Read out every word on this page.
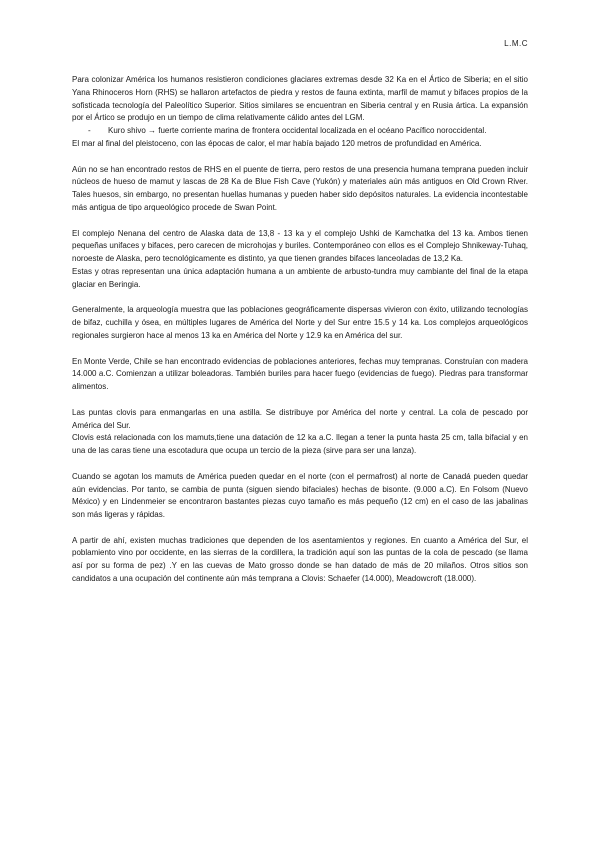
L.M.C

Para colonizar América los humanos resistieron condiciones glaciares extremas desde 32 Ka en el Ártico de Siberia; en el sitio Yana Rhinoceros Horn (RHS) se hallaron artefactos de piedra y restos de fauna extinta, marfil de mamut y bifaces propios de la sofisticada tecnología del Paleolítico Superior. Sitios similares se encuentran en Siberia central y en Rusia ártica. La expansión por el Ártico se produjo en un tiempo de clima relativamente cálido antes del LGM.

-	Kuro shivo → fuerte corriente marina de frontera occidental localizada en el océano Pacífico noroccidental.

El mar al final del pleistoceno, con las épocas de calor, el mar había bajado 120 metros de profundidad en América.

Aún no se han encontrado restos de RHS en el puente de tierra, pero restos de una presencia humana temprana pueden incluir núcleos de hueso de mamut y lascas de 28 Ka de Blue Fish Cave (Yukón) y materiales aún más antiguos en Old Crown River. Tales huesos, sin embargo, no presentan huellas humanas y pueden haber sido depósitos naturales. La evidencia incontestable más antigua de tipo arqueológico procede de Swan Point.

El complejo Nenana del centro de Alaska data de 13,8 - 13 ka y el complejo Ushki de Kamchatka del 13 ka. Ambos tienen pequeñas unifaces y bifaces, pero carecen de microhojas y buriles. Contemporáneo con ellos es el Complejo Shnikeway-Tuhaq, noroeste de Alaska, pero tecnológicamente es distinto, ya que tienen grandes bifaces lanceoladas de 13,2 Ka.

Estas y otras representan una única adaptación humana a un ambiente de arbusto-tundra muy cambiante del final de la etapa glaciar en Beringia.

Generalmente, la arqueología muestra que las poblaciones geográficamente dispersas vivieron con éxito, utilizando tecnologías de bifaz, cuchilla y ósea, en múltiples lugares de América del Norte y del Sur entre 15.5 y 14 ka. Los complejos arqueológicos regionales surgieron hace al menos 13 ka en América del Norte y 12.9 ka en América del sur.

En Monte Verde, Chile se han encontrado evidencias de poblaciones anteriores, fechas muy tempranas. Construían con madera 14.000 a.C. Comienzan a utilizar boleadoras. También buriles para hacer fuego (evidencias de fuego). Piedras para transformar alimentos.

Las puntas clovis para enmangarlas en una astilla. Se distribuye por América del norte y central. La cola de pescado por América del Sur.

Clovis está relacionada con los mamuts,tiene una datación de 12 ka a.C. llegan a tener la punta hasta 25 cm, talla bifacial y en una de las caras tiene una escotadura que ocupa un tercio de la pieza (sirve para ser una lanza).

Cuando se agotan los mamuts de América pueden quedar en el norte (con el permafrost) al norte de Canadá pueden quedar aún evidencias. Por tanto, se cambia de punta (siguen siendo bifaciales) hechas de bisonte. (9.000 a.C). En Folsom (Nuevo México) y en Lindenmeier se encontraron bastantes piezas cuyo tamaño es más pequeño (12 cm) en el caso de las jabalinas son más ligeras y rápidas.

A partir de ahí, existen muchas tradiciones que dependen de los asentamientos y regiones. En cuanto a América del Sur, el poblamiento vino por occidente, en las sierras de la cordillera, la tradición aquí son las puntas de la cola de pescado (se llama así por su forma de pez) .Y en las cuevas de Mato grosso donde se han datado de más de 20 milaños. Otros sitios son candidatos a una ocupación del continente aún más temprana a Clovis: Schaefer (14.000), Meadowcroft (18.000).
